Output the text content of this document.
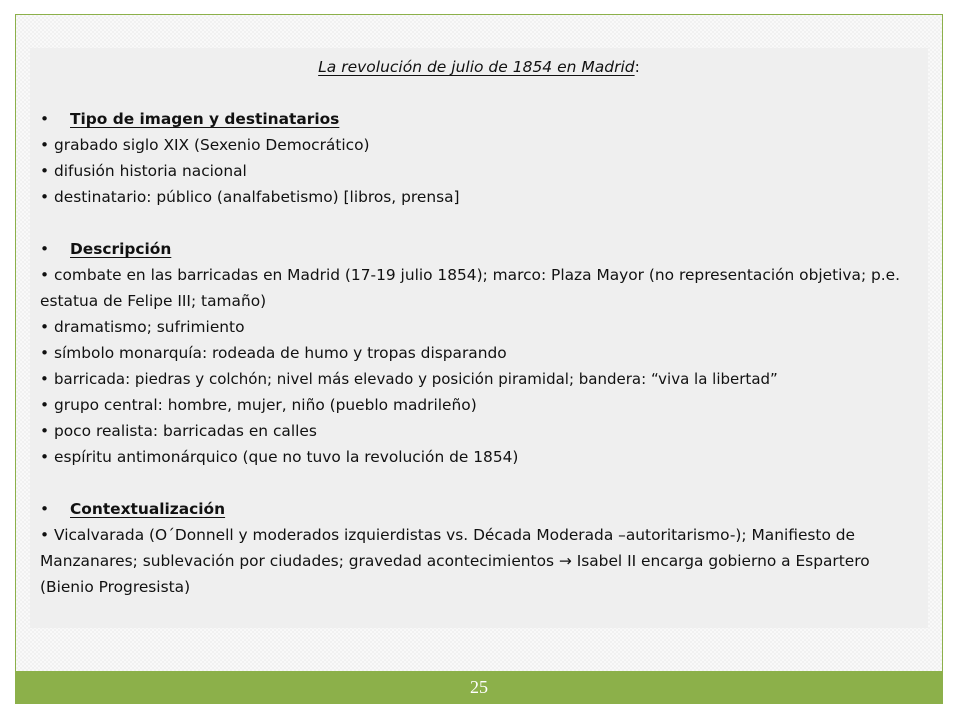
La revolución de julio de 1854 en Madrid:

• Tipo de imagen y destinatarios

• grabado siglo XIX (Sexenio Democrático)

• difusión historia nacional

• destinatario: público (analfabetismo) [libros, prensa]

• Descripción

• combate en las barricadas en Madrid (17-19 julio 1854); marco: Plaza Mayor (no representación objetiva; p.e. estatua de Felipe III; tamaño)

• dramatismo; sufrimiento

• símbolo monarquía: rodeada de humo y tropas disparando

• barricada: piedras y colchón; nivel más elevado y posición piramidal; bandera: “viva la libertad”

• grupo central: hombre, mujer, niño (pueblo madrileño)

• poco realista: barricadas en calles

• espíritu antimonárquico (que no tuvo la revolución de 1854)

• Contextualización

• Vicalvarada (O´Donnell y moderados izquierdistas vs. Década Moderada –autoritarismo-); Manifiesto de Manzanares; sublevación por ciudades; gravedad acontecimientos → Isabel II encarga gobierno a Espartero (Bienio Progresista)

25
